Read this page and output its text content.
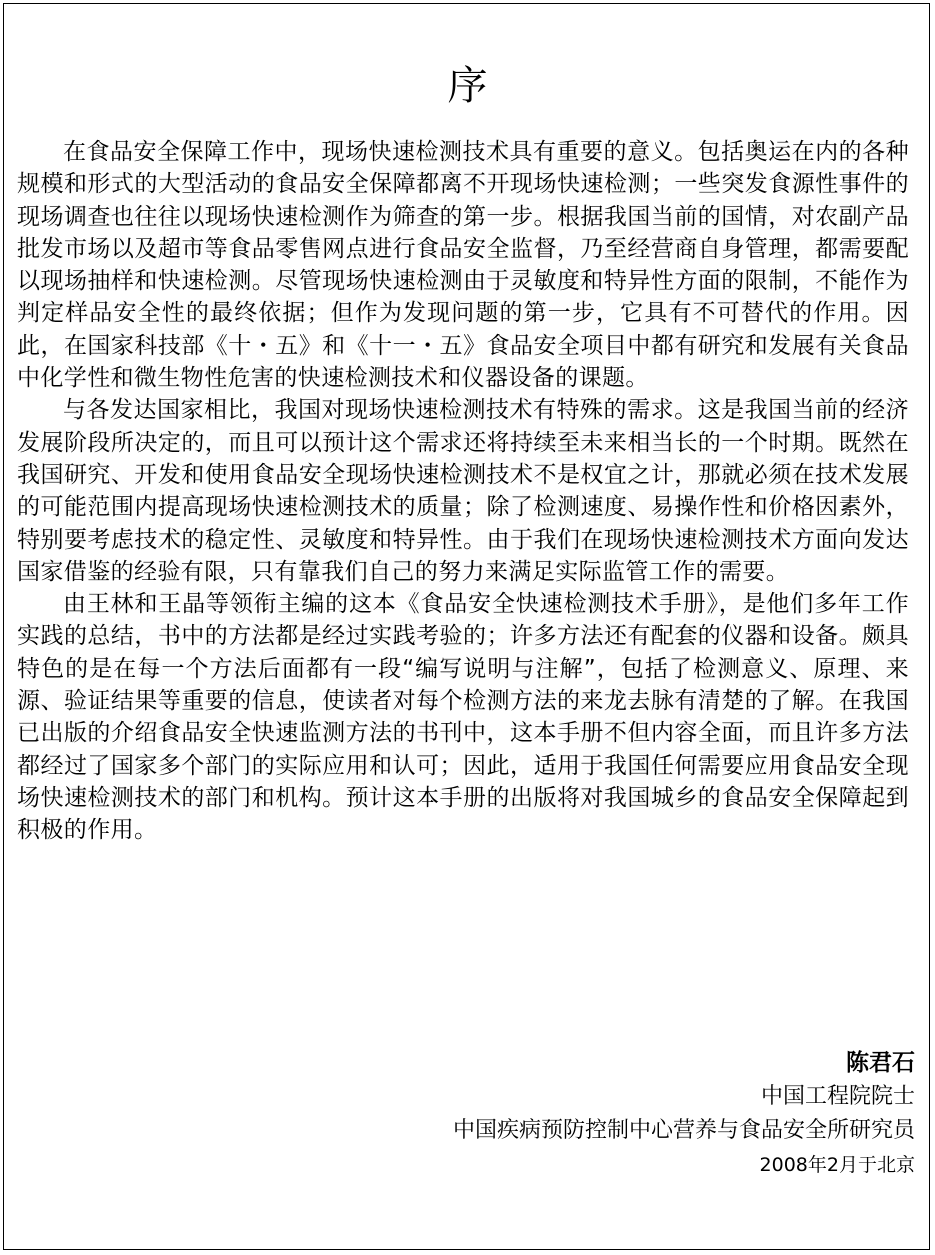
序

在食品安全保障工作中，现场快速检测技术具有重要的意义。包括奥运在内的各种规模和形式的大型活动的食品安全保障都离不开现场快速检测；一些突发食源性事件的现场调查也往往以现场快速检测作为筛查的第一步。根据我国当前的国情，对农副产品批发市场以及超市等食品零售网点进行食品安全监督，乃至经营商自身管理，都需要配以现场抽样和快速检测。尽管现场快速检测由于灵敏度和特异性方面的限制，不能作为判定样品安全性的最终依据；但作为发现问题的第一步，它具有不可替代的作用。因此，在国家科技部《十・五》和《十一・五》食品安全项目中都有研究和发展有关食品中化学性和微生物性危害的快速检测技术和仪器设备的课题。

与各发达国家相比，我国对现场快速检测技术有特殊的需求。这是我国当前的经济发展阶段所决定的，而且可以预计这个需求还将持续至未来相当长的一个时期。既然在我国研究、开发和使用食品安全现场快速检测技术不是权宜之计，那就必须在技术发展的可能范围内提高现场快速检测技术的质量；除了检测速度、易操作性和价格因素外，特别要考虑技术的稳定性、灵敏度和特异性。由于我们在现场快速检测技术方面向发达国家借鉴的经验有限，只有靠我们自己的努力来满足实际监管工作的需要。

由王林和王晶等领衔主编的这本《食品安全快速检测技术手册》，是他们多年工作实践的总结，书中的方法都是经过实践考验的；许多方法还有配套的仪器和设备。颇具特色的是在每一个方法后面都有一段“编写说明与注解”，包括了检测意义、原理、来源、验证结果等重要的信息，使读者对每个检测方法的来龙去脉有清楚的了解。在我国已出版的介绍食品安全快速监测方法的书刊中，这本手册不但内容全面，而且许多方法都经过了国家多个部门的实际应用和认可；因此，适用于我国任何需要应用食品安全现场快速检测技术的部门和机构。预计这本手册的出版将对我国城乡的食品安全保障起到积极的作用。

陈君石
中国工程院院士
中国疾病预防控制中心营养与食品安全所研究员
2008年2月于北京
